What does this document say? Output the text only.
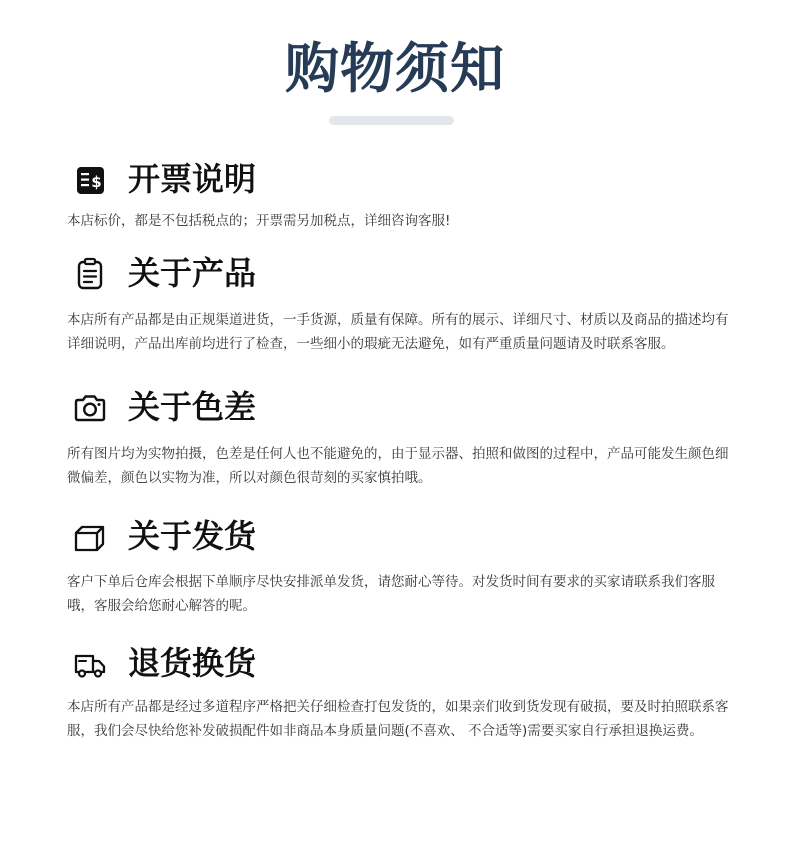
购物须知
$ 开票说明
本店标价，都是不包括税点的；开票需另加税点，详细咨询客服!
关于产品
本店所有产品都是由正规渠道进货，一手货源，质量有保障。所有的展示、详细尺寸、材质以及商品的描述均有详细说明，产品出库前均进行了检查，一些细小的瑕疵无法避免，如有严重质量问题请及时联系客服。
关于色差
所有图片均为实物拍摄，色差是任何人也不能避免的，由于显示器、拍照和做图的过程中，产品可能发生颜色细微偏差，颜色以实物为准，所以对颜色很苛刻的买家慎拍哦。
关于发货
客户下单后仓库会根据下单顺序尽快安排派单发货，请您耐心等待。对发货时间有要求的买家请联系我们客服哦，客服会给您耐心解答的呢。
退货换货
本店所有产品都是经过多道程序严格把关仔细检查打包发货的，如果亲们收到货发现有破损，要及时拍照联系客服，我们会尽快给您补发破损配件如非商品本身质量问题(不喜欢、 不合适等)需要买家自行承担退换运费。
